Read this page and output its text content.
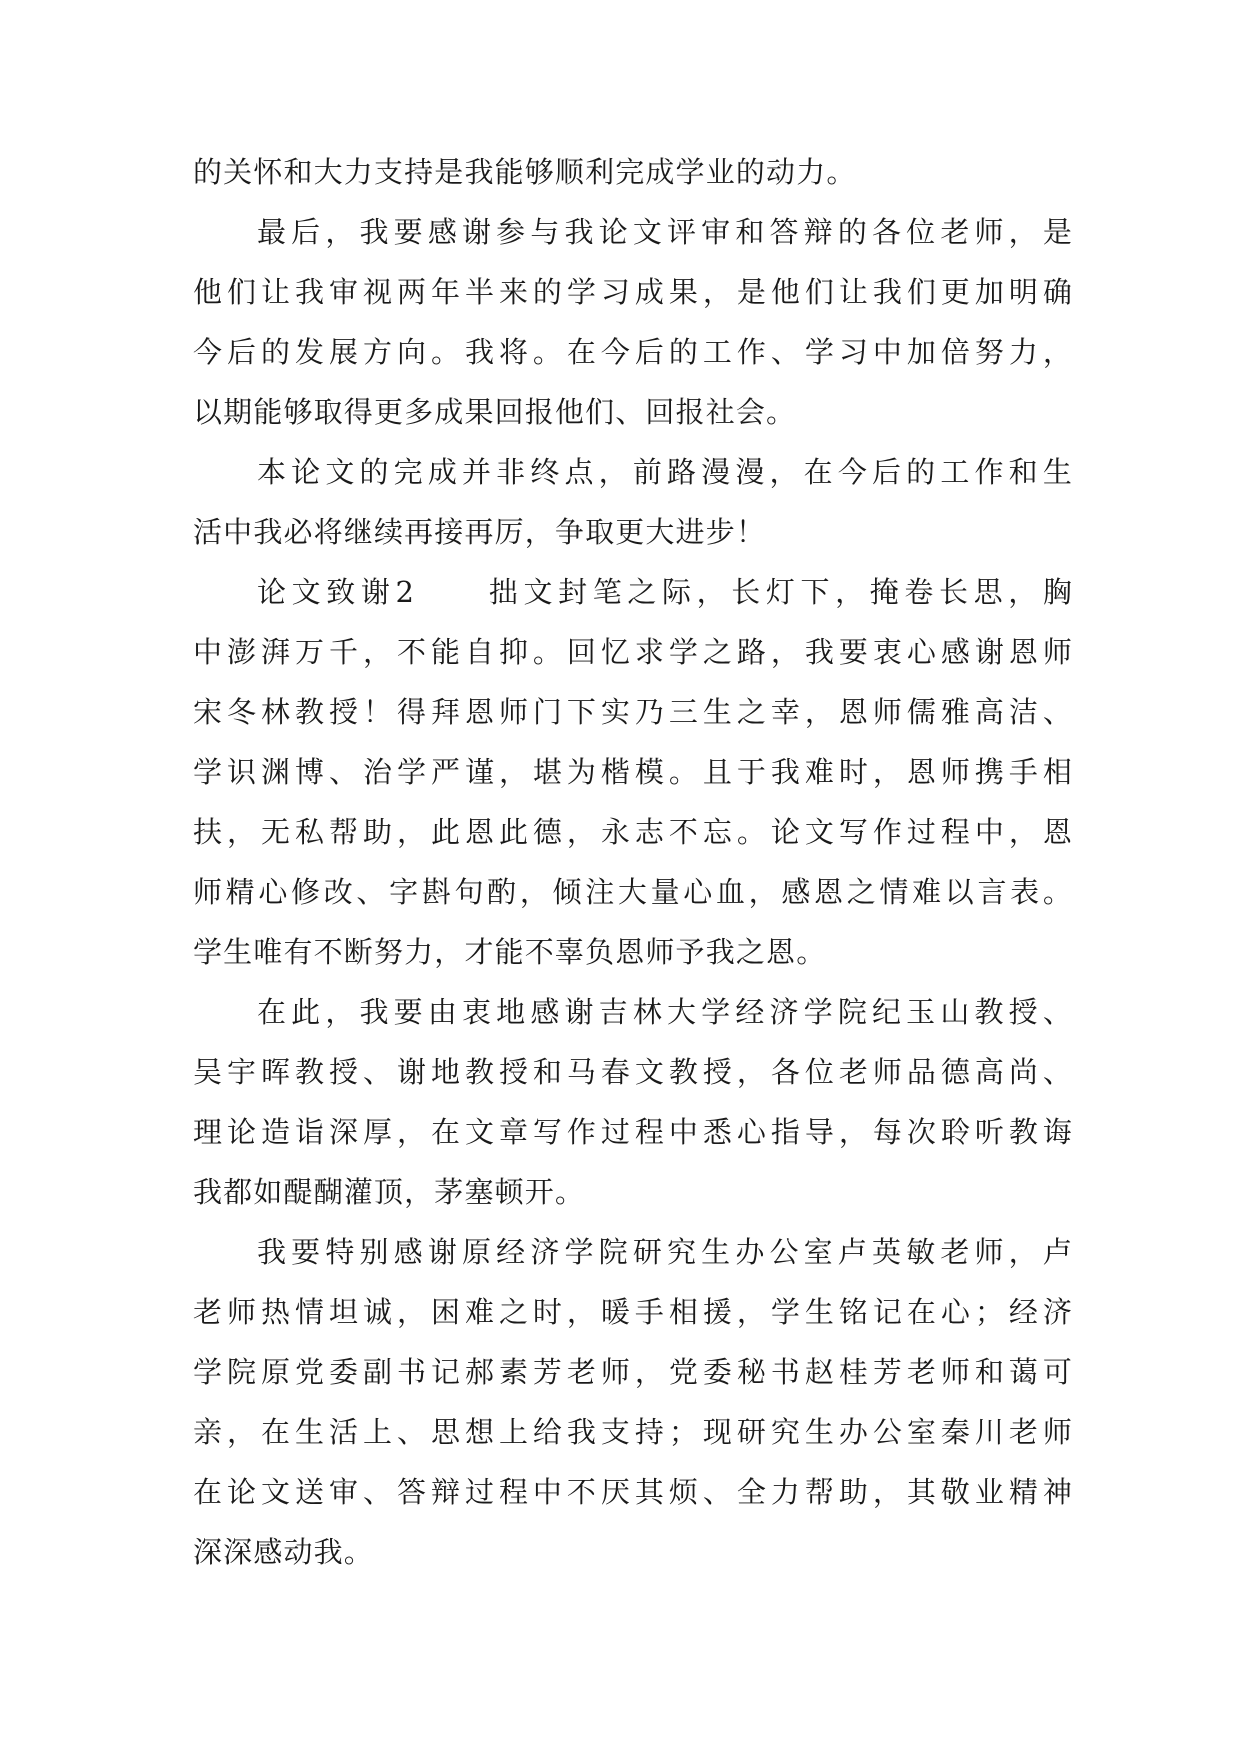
的关怀和大力支持是我能够顺利完成学业的动力。
最后，我要感谢参与我论文评审和答辩的各位老师，是
他们让我审视两年半来的学习成果，是他们让我们更加明确
今后的发展方向。我将。在今后的工作、学习中加倍努力，
以期能够取得更多成果回报他们、回报社会。
本论文的完成并非终点，前路漫漫，在今后的工作和生
活中我必将继续再接再厉，争取更大进步！
论文致谢2　　拙文封笔之际，长灯下，掩卷长思，胸
中澎湃万千，不能自抑。回忆求学之路，我要衷心感谢恩师
宋冬林教授！得拜恩师门下实乃三生之幸，恩师儒雅高洁、
学识渊博、治学严谨，堪为楷模。且于我难时，恩师携手相
扶，无私帮助，此恩此德，永志不忘。论文写作过程中，恩
师精心修改、字斟句酌，倾注大量心血，感恩之情难以言表。
学生唯有不断努力，才能不辜负恩师予我之恩。
在此，我要由衷地感谢吉林大学经济学院纪玉山教授、
吴宇晖教授、谢地教授和马春文教授，各位老师品德高尚、
理论造诣深厚，在文章写作过程中悉心指导，每次聆听教诲
我都如醍醐灌顶，茅塞顿开。
我要特别感谢原经济学院研究生办公室卢英敏老师，卢
老师热情坦诚，困难之时，暖手相援，学生铭记在心；经济
学院原党委副书记郝素芳老师，党委秘书赵桂芳老师和蔼可
亲，在生活上、思想上给我支持；现研究生办公室秦川老师
在论文送审、答辩过程中不厌其烦、全力帮助，其敬业精神
深深感动我。
